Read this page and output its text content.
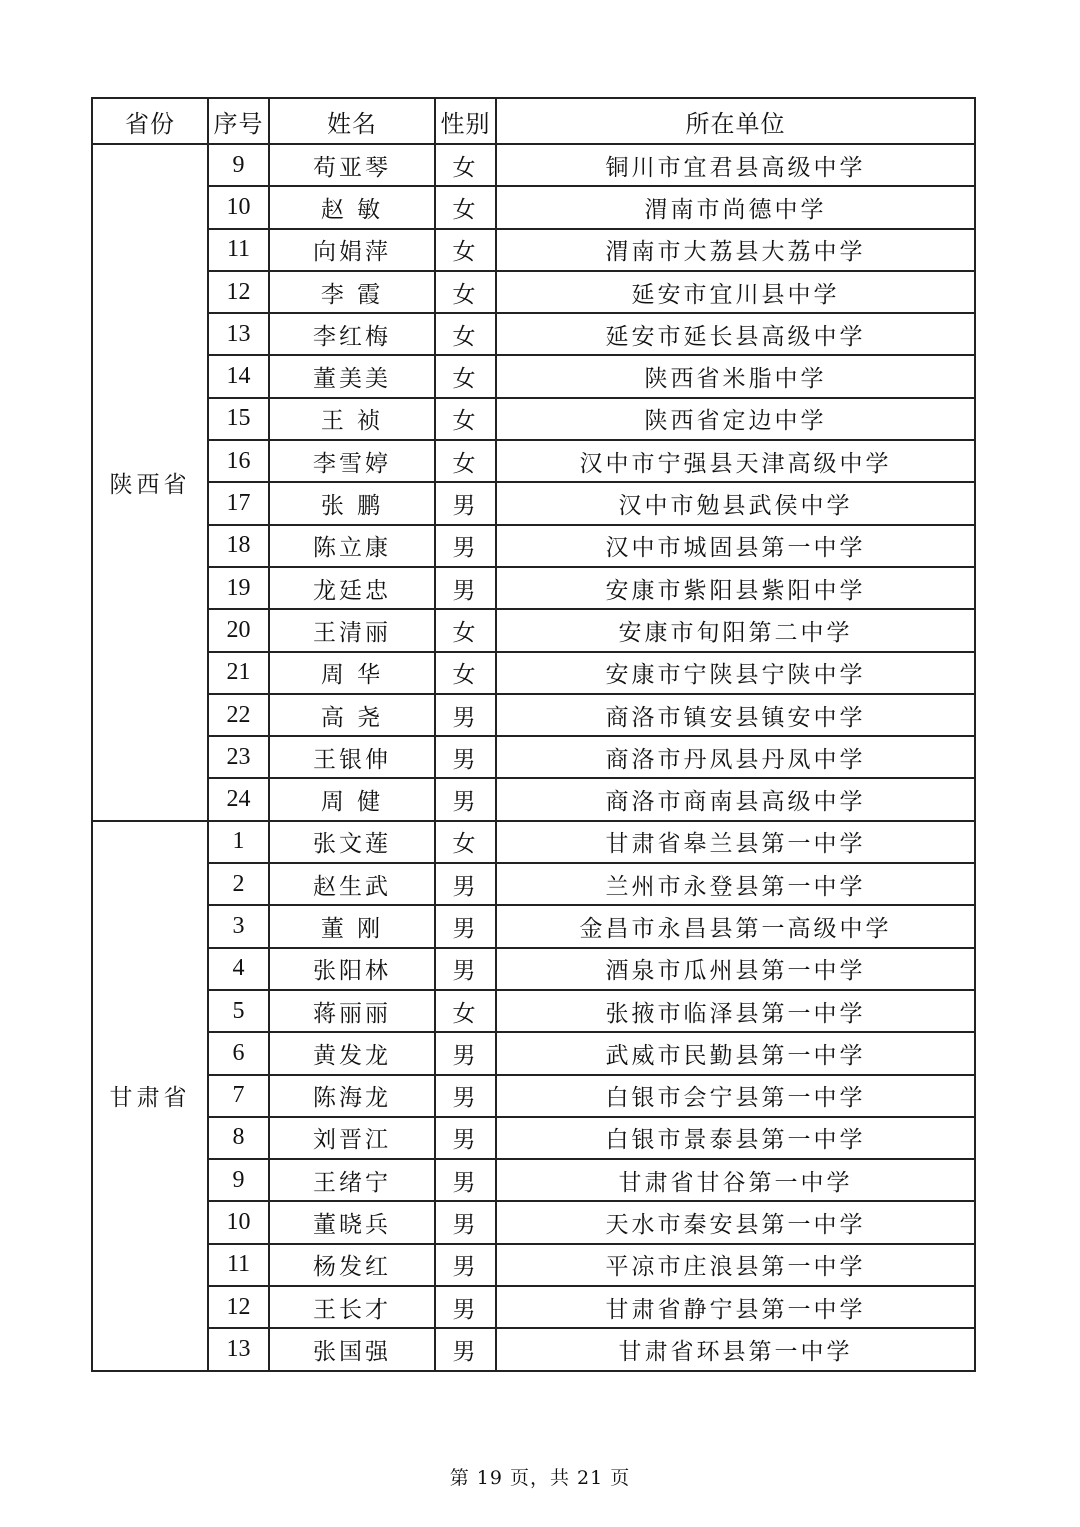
省份	序号	姓名	性别	所在单位
陕西省	9	苟亚琴	女	铜川市宜君县高级中学
	10	赵 敏	女	渭南市尚德中学
	11	向娟萍	女	渭南市大荔县大荔中学
	12	李 霞	女	延安市宜川县中学
	13	李红梅	女	延安市延长县高级中学
	14	董美美	女	陕西省米脂中学
	15	王 祯	女	陕西省定边中学
	16	李雪婷	女	汉中市宁强县天津高级中学
	17	张 鹏	男	汉中市勉县武侯中学
	18	陈立康	男	汉中市城固县第一中学
	19	龙廷忠	男	安康市紫阳县紫阳中学
	20	王清丽	女	安康市旬阳第二中学
	21	周 华	女	安康市宁陕县宁陕中学
	22	高 尧	男	商洛市镇安县镇安中学
	23	王银伸	男	商洛市丹凤县丹凤中学
	24	周 健	男	商洛市商南县高级中学
甘肃省	1	张文莲	女	甘肃省皋兰县第一中学
	2	赵生武	男	兰州市永登县第一中学
	3	董 刚	男	金昌市永昌县第一高级中学
	4	张阳林	男	酒泉市瓜州县第一中学
	5	蒋丽丽	女	张掖市临泽县第一中学
	6	黄发龙	男	武威市民勤县第一中学
	7	陈海龙	男	白银市会宁县第一中学
	8	刘晋江	男	白银市景泰县第一中学
	9	王绪宁	男	甘肃省甘谷第一中学
	10	董晓兵	男	天水市秦安县第一中学
	11	杨发红	男	平凉市庄浪县第一中学
	12	王长才	男	甘肃省静宁县第一中学
	13	张国强	男	甘肃省环县第一中学
第 19 页，共 21 页
